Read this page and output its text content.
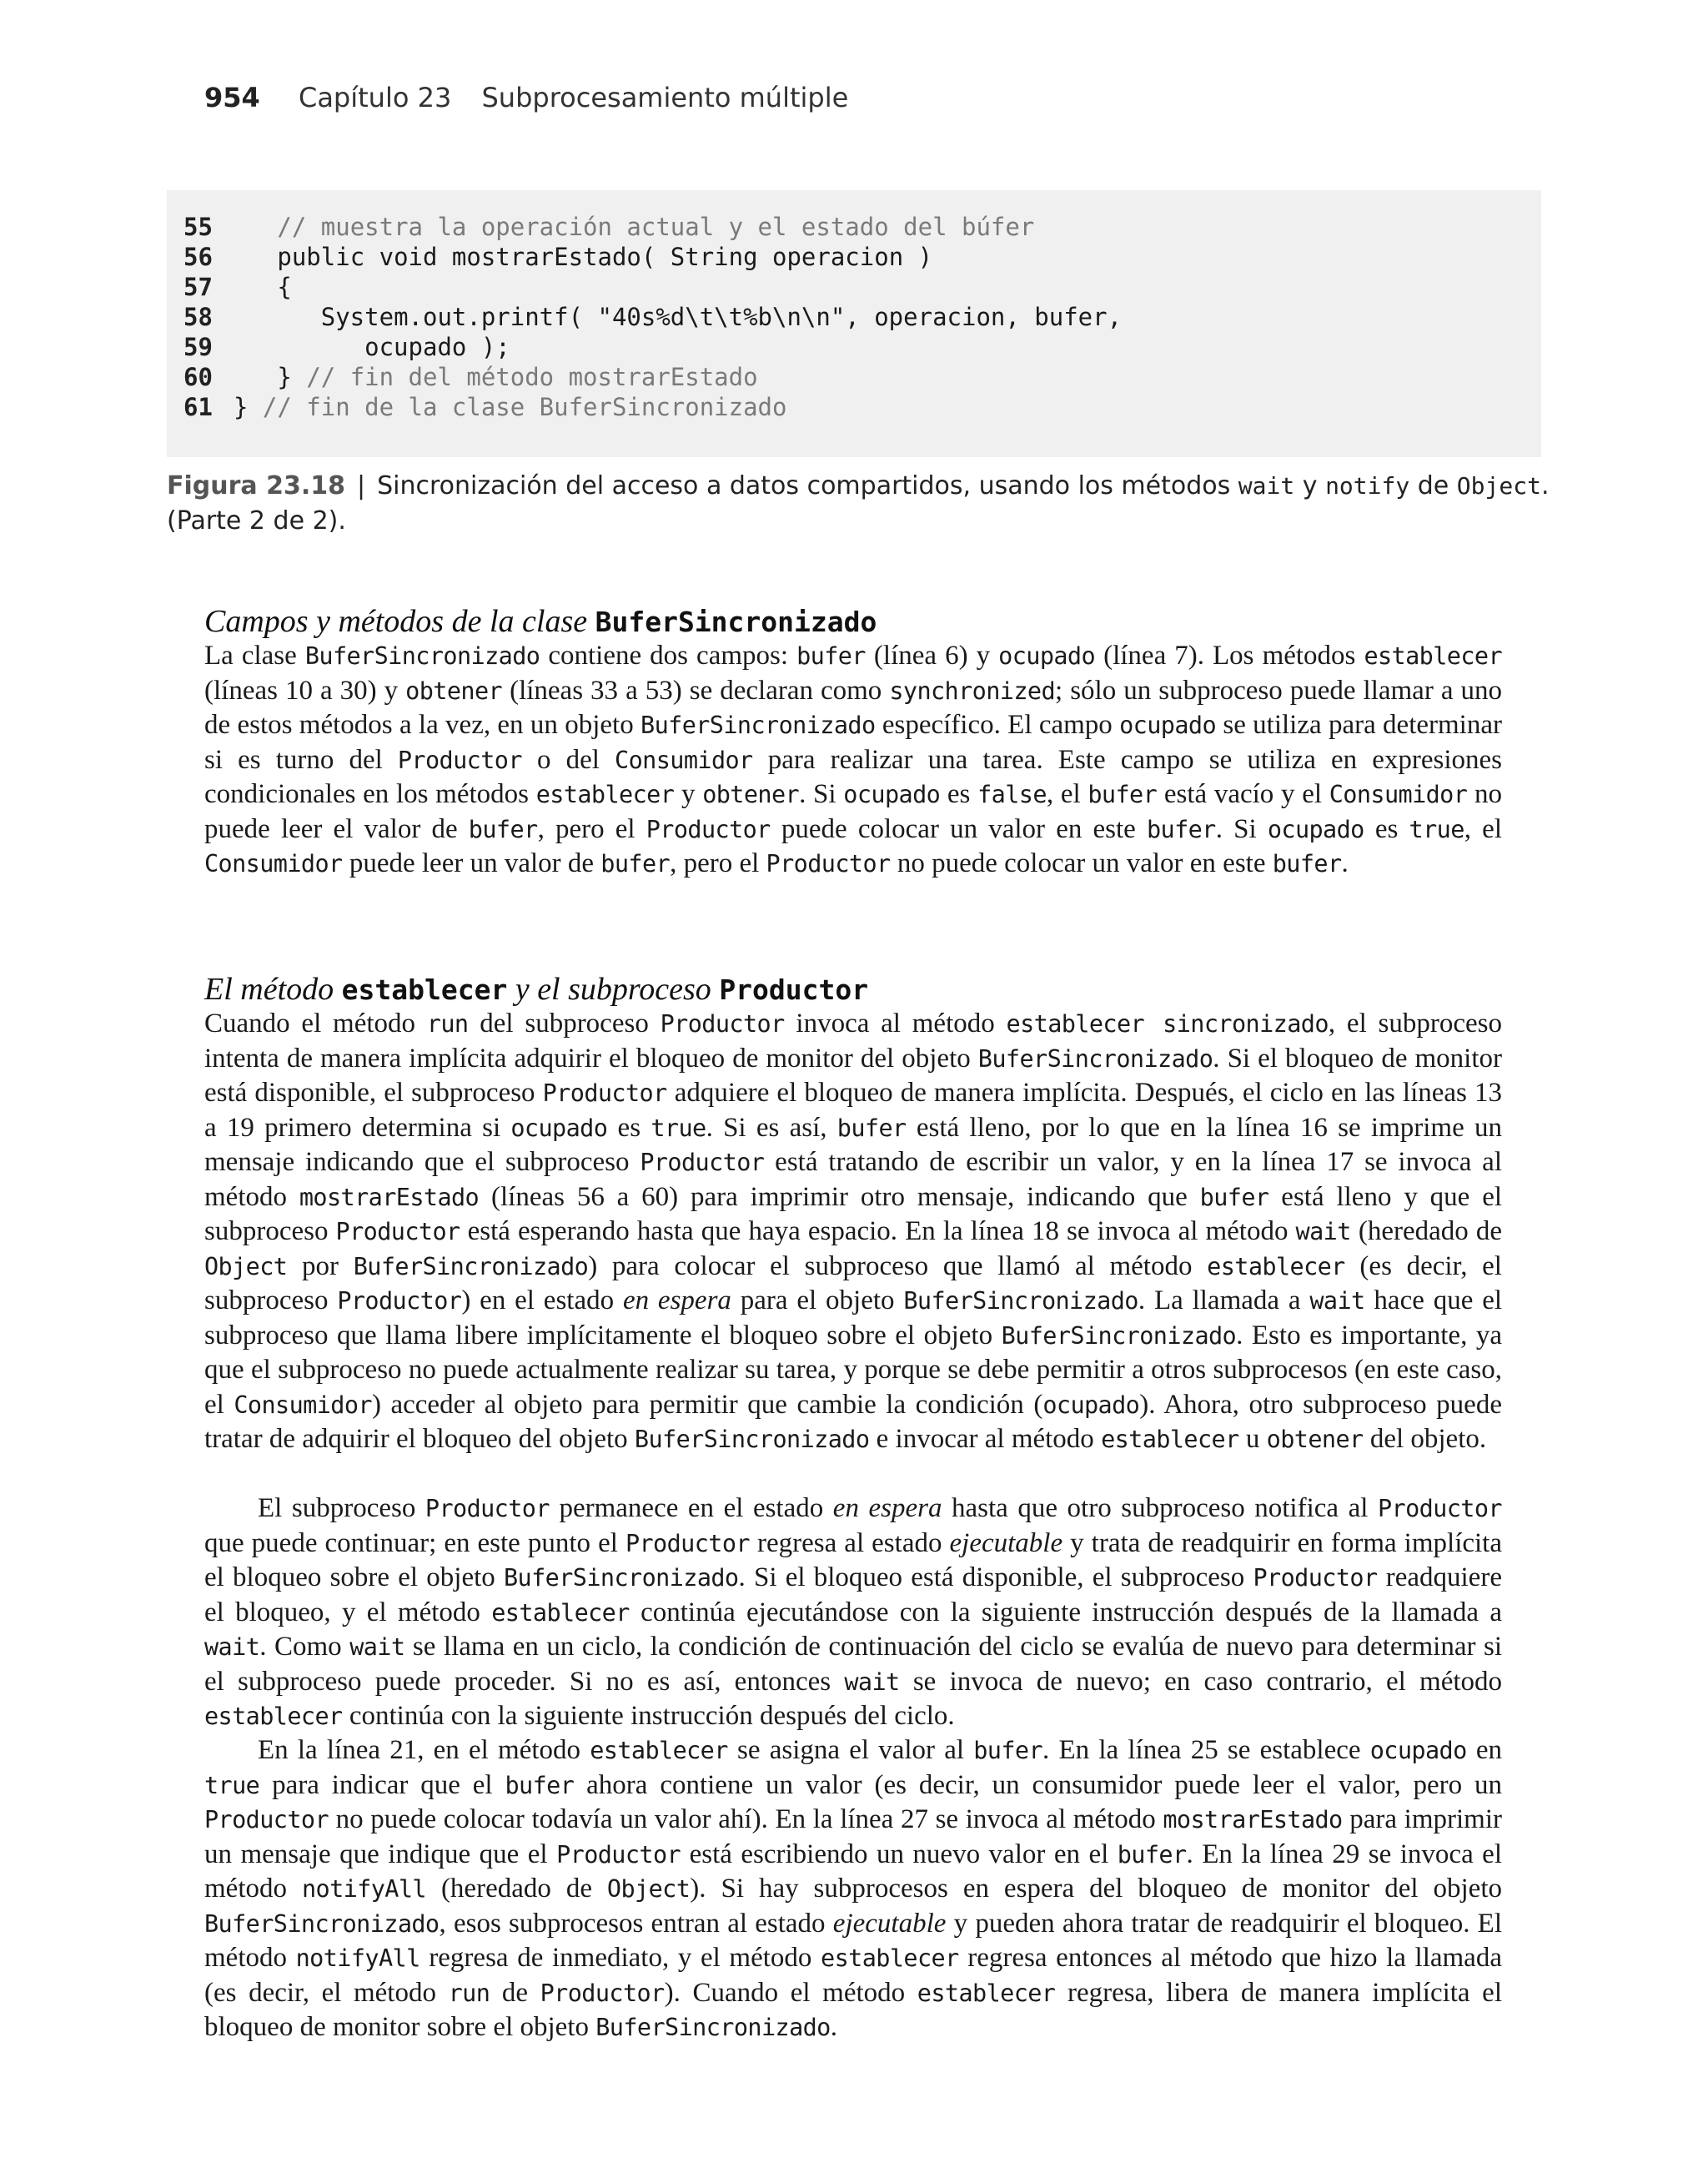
954 Capítulo 23 Subprocesamiento múltiple
55	// muestra la operación actual y el estado del búfer
56	public void mostrarEstado( String operacion )
57	{
58	System.out.printf( "40s%d\t\t%b\n\n", operacion, bufer,
59	ocupado );
60	} // fin del método mostrarEstado
61 } // fin de la clase BuferSincronizado
Figura 23.18 | Sincronización del acceso a datos compartidos, usando los métodos wait y notify de Object. (Parte 2 de 2).
Campos y métodos de la clase BuferSincronizado
La clase BuferSincronizado contiene dos campos: bufer (línea 6) y ocupado (línea 7). Los métodos establecer (líneas 10 a 30) y obtener (líneas 33 a 53) se declaran como synchronized; sólo un subproceso puede llamar a uno de estos métodos a la vez, en un objeto BuferSincronizado específico. El campo ocupado se utiliza para determinar si es turno del Productor o del Consumidor para realizar una tarea. Este campo se utiliza en expresiones condicionales en los métodos establecer y obtener. Si ocupado es false, el bufer está vacío y el Consumidor no puede leer el valor de bufer, pero el Productor puede colocar un valor en este bufer. Si ocupado es true, el Consumidor puede leer un valor de bufer, pero el Productor no puede colocar un valor en este bufer.
El método establecer y el subproceso Productor
Cuando el método run del subproceso Productor invoca al método establecer sincronizado, el subproceso intenta de manera implícita adquirir el bloqueo de monitor del objeto BuferSincronizado. Si el bloqueo de monitor está disponible, el subproceso Productor adquiere el bloqueo de manera implícita. Después, el ciclo en las líneas 13 a 19 primero determina si ocupado es true. Si es así, bufer está lleno, por lo que en la línea 16 se imprime un mensaje indicando que el subproceso Productor está tratando de escribir un valor, y en la línea 17 se invoca al método mostrarEstado (líneas 56 a 60) para imprimir otro mensaje, indicando que bufer está lleno y que el subproceso Productor está esperando hasta que haya espacio. En la línea 18 se invoca al método wait (heredado de Object por BuferSincronizado) para colocar el subproceso que llamó al método establecer (es decir, el subproceso Productor) en el estado en espera para el objeto BuferSincronizado. La llamada a wait hace que el subproceso que llama libere implícitamente el bloqueo sobre el objeto BuferSincronizado. Esto es importante, ya que el subproceso no puede actualmente realizar su tarea, y porque se debe permitir a otros subprocesos (en este caso, el Consumidor) acceder al objeto para permitir que cambie la condición (ocupado). Ahora, otro subproceso puede tratar de adquirir el bloqueo del objeto BuferSincronizado e invocar al método establecer u obtener del objeto.
El subproceso Productor permanece en el estado en espera hasta que otro subproceso notifica al Productor que puede continuar; en este punto el Productor regresa al estado ejecutable y trata de readquirir en forma implícita el bloqueo sobre el objeto BuferSincronizado. Si el bloqueo está disponible, el subproceso Productor readquiere el bloqueo, y el método establecer continúa ejecutándose con la siguiente instrucción después de la llamada a wait. Como wait se llama en un ciclo, la condición de continuación del ciclo se evalúa de nuevo para determinar si el subproceso puede proceder. Si no es así, entonces wait se invoca de nuevo; en caso contrario, el método establecer continúa con la siguiente instrucción después del ciclo.
En la línea 21, en el método establecer se asigna el valor al bufer. En la línea 25 se establece ocupado en true para indicar que el bufer ahora contiene un valor (es decir, un consumidor puede leer el valor, pero un Productor no puede colocar todavía un valor ahí). En la línea 27 se invoca al método mostrarEstado para imprimir un mensaje que indique que el Productor está escribiendo un nuevo valor en el bufer. En la línea 29 se invoca el método notifyAll (heredado de Object). Si hay subprocesos en espera del bloqueo de monitor del objeto BuferSincronizado, esos subprocesos entran al estado ejecutable y pueden ahora tratar de readquirir el bloqueo. El método notifyAll regresa de inmediato, y el método establecer regresa entonces al método que hizo la llamada (es decir, el método run de Productor). Cuando el método establecer regresa, libera de manera implícita el bloqueo de monitor sobre el objeto BuferSincronizado.
